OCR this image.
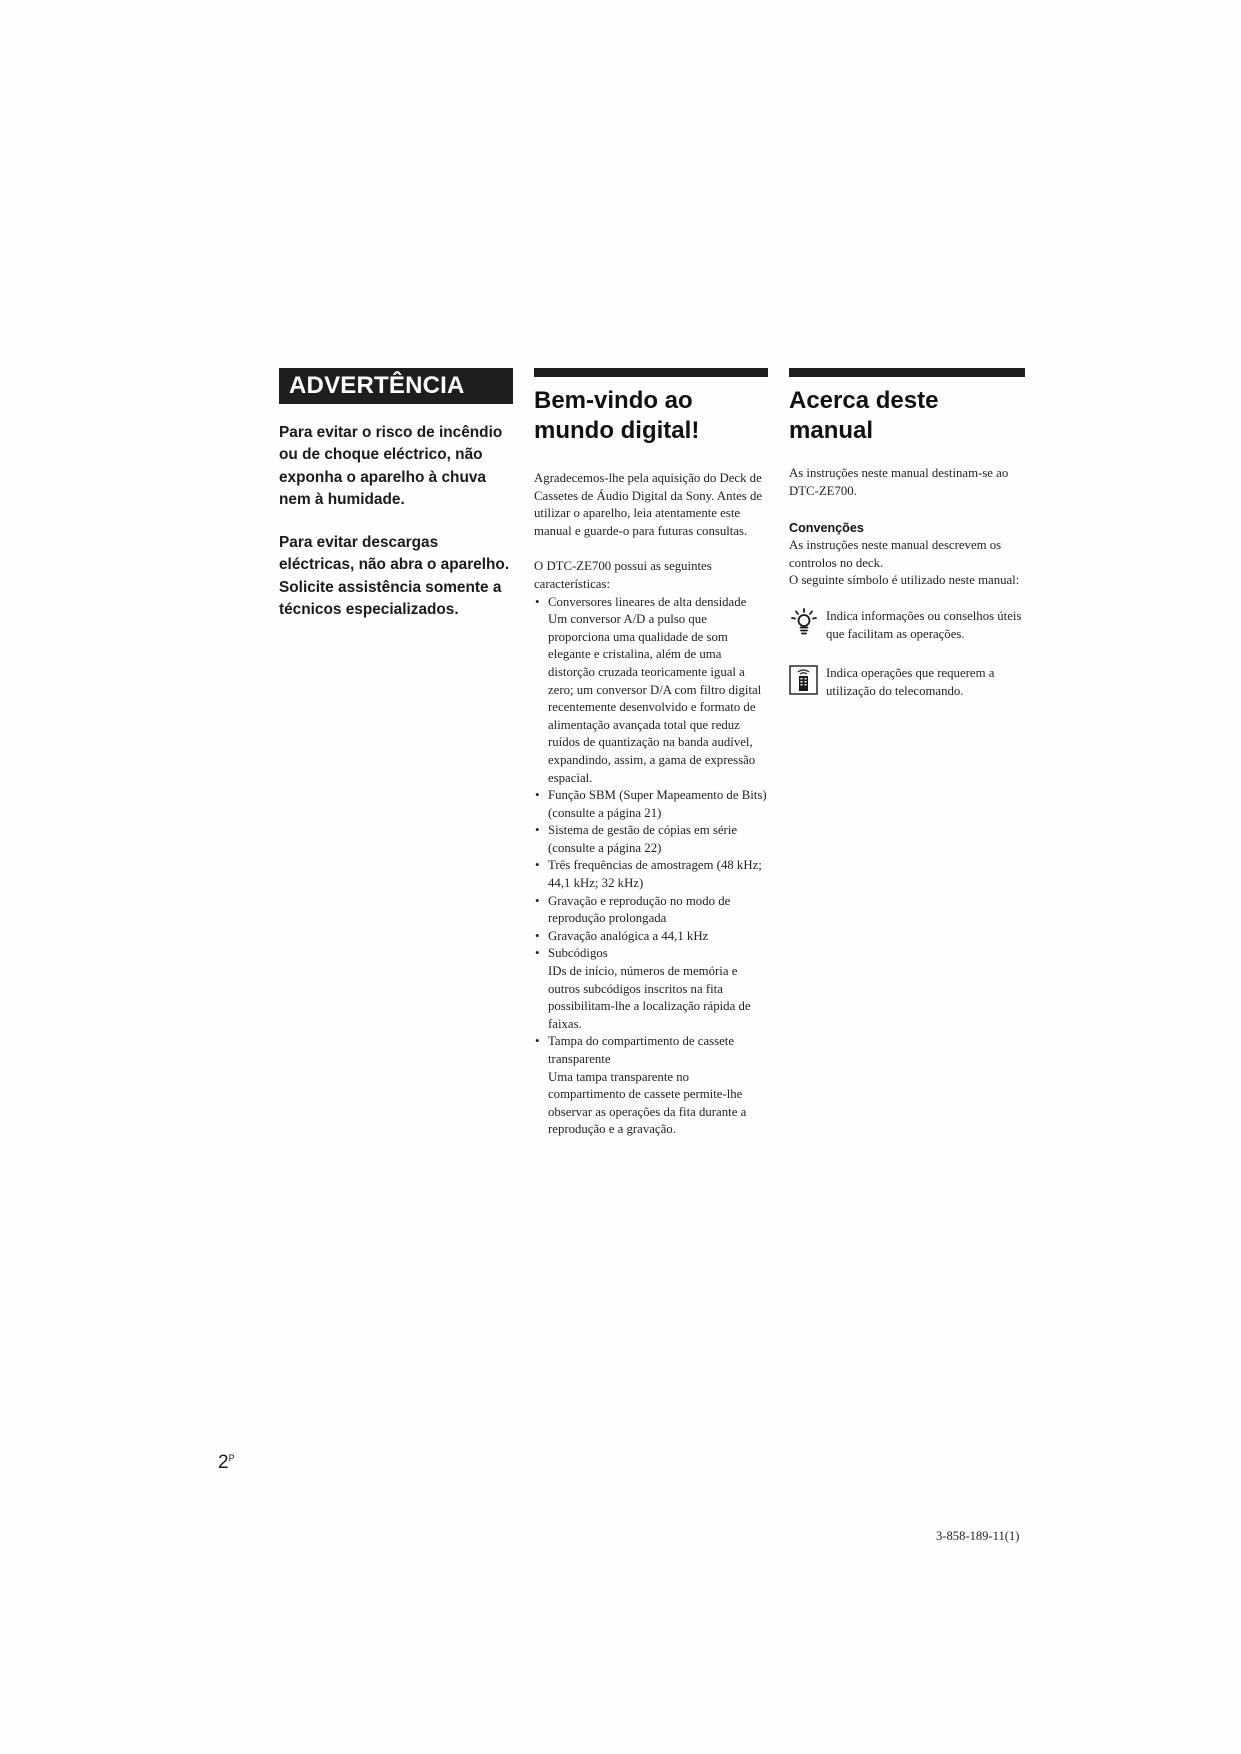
ADVERTÊNCIA

Para evitar o risco de incêndio ou de choque eléctrico, não exponha o aparelho à chuva nem à humidade.

Para evitar descargas eléctricas, não abra o aparelho. Solicite assistência somente a técnicos especializados.

Bem-vindo ao mundo digital!

Agradecemos-lhe pela aquisição do Deck de Cassetes de Áudio Digital da Sony. Antes de utilizar o aparelho, leia atentamente este manual e guarde-o para futuras consultas.

O DTC-ZE700 possui as seguintes características:

• Conversores lineares de alta densidade
Um conversor A/D a pulso que proporciona uma qualidade de som elegante e cristalina, além de uma distorção cruzada teoricamente igual a zero; um conversor D/A com filtro digital recentemente desenvolvido e formato de alimentação avançada total que reduz ruídos de quantização na banda audível, expandindo, assim, a gama de expressão espacial.
• Função SBM (Super Mapeamento de Bits) (consulte a página 21)
• Sistema de gestão de cópias em série (consulte a página 22)
• Três frequências de amostragem (48 kHz; 44,1 kHz; 32 kHz)
• Gravação e reprodução no modo de reprodução prolongada
• Gravação analógica a 44,1 kHz
• Subcódigos
IDs de início, números de memória e outros subcódigos inscritos na fita possibilitam-lhe a localização rápida de faixas.
• Tampa do compartimento de cassete transparente
Uma tampa transparente no compartimento de cassete permite-lhe observar as operações da fita durante a reprodução e a gravação.
Acerca deste manual

As instruções neste manual destinam-se ao DTC-ZE700.

Convenções

As instruções neste manual descrevem os controlos no deck.

O seguinte símbolo é utilizado neste manual:

Indica informações ou conselhos úteis que facilitam as operações.
Indica operações que requerem a utilização do telecomando.
$2^P$
3-858-189-11(1)
